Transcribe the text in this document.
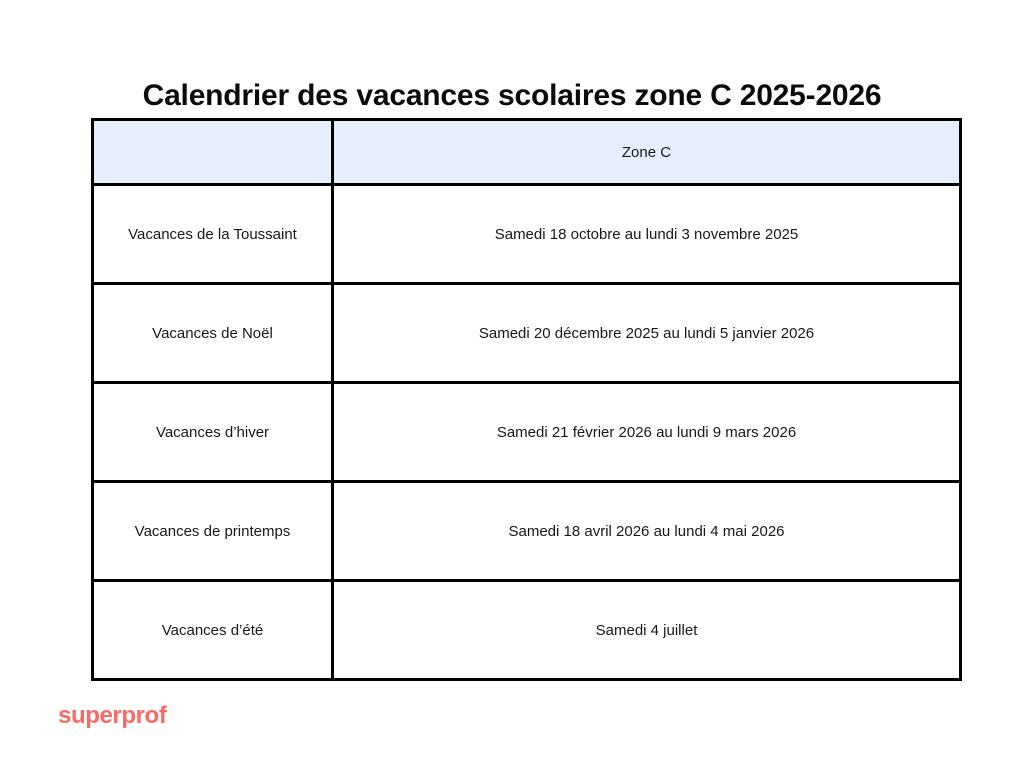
Calendrier des vacances scolaires zone C 2025-2026
	Zone C
Vacances de la Toussaint	Samedi 18 octobre au lundi 3 novembre 2025
Vacances de Noël	Samedi 20 décembre 2025 au lundi 5 janvier 2026
Vacances d’hiver	Samedi 21 février 2026 au lundi 9 mars 2026
Vacances de printemps	Samedi 18 avril 2026 au lundi 4 mai 2026
Vacances d’été	Samedi 4 juillet
superprof
